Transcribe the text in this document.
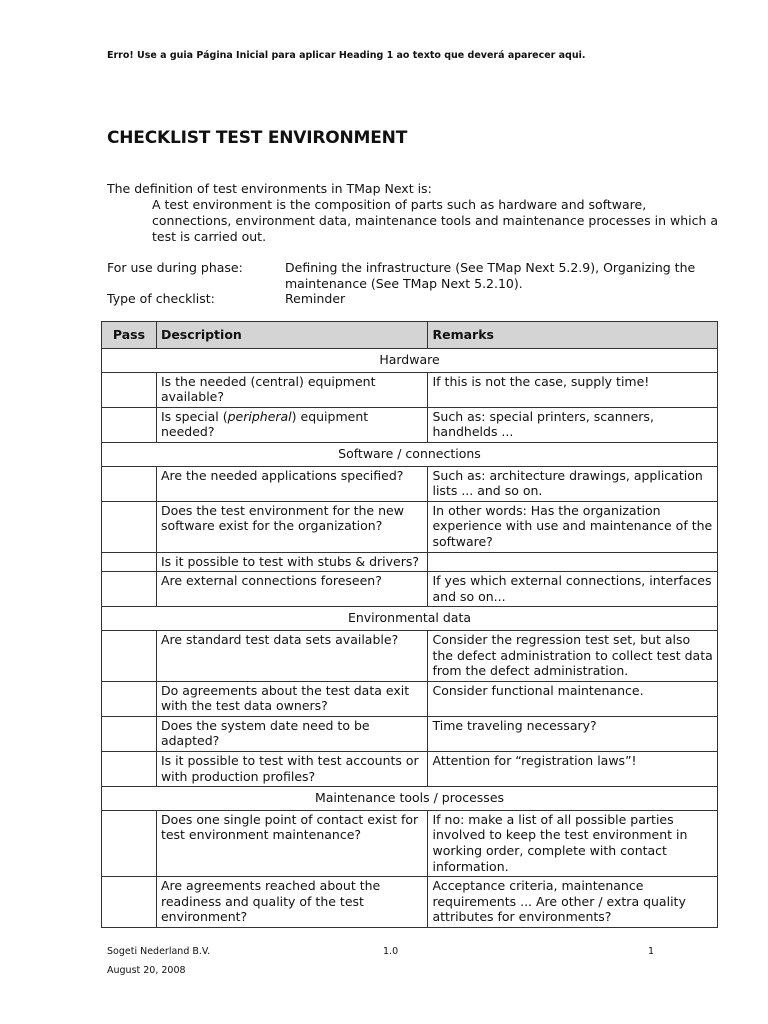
Erro! Use a guia Página Inicial para aplicar Heading 1 ao texto que deverá aparecer aqui.
CHECKLIST TEST ENVIRONMENT
The definition of test environments in TMap Next is:
A test environment is the composition of parts such as hardware and software, connections, environment data, maintenance tools and maintenance processes in which a test is carried out.
For use during phase:	Defining the infrastructure (See TMap Next 5.2.9), Organizing the maintenance (See TMap Next 5.2.10).
Type of checklist:	Reminder
Pass	Description	Remarks
Hardware		
	Is the needed (central) equipment available?	If this is not the case, supply time!
	Is special (peripheral) equipment needed?	Such as: special printers, scanners, handhelds ...
Software / connections		
	Are the needed applications specified?	Such as: architecture drawings, application lists ... and so on.
	Does the test environment for the new software exist for the organization?	In other words: Has the organization experience with use and maintenance of the software?
	Is it possible to test with stubs & drivers?	
	Are external connections foreseen?	If yes which external connections, interfaces and so on...
Environmental data		
	Are standard test data sets available?	Consider the regression test set, but also the defect administration to collect test data from the defect administration.
	Do agreements about the test data exit with the test data owners?	Consider functional maintenance.
	Does the system date need to be adapted?	Time traveling necessary?
	Is it possible to test with test accounts or with production profiles?	Attention for “registration laws”!
Maintenance tools / processes		
	Does one single point of contact exist for test environment maintenance?	If no: make a list of all possible parties involved to keep the test environment in working order, complete with contact information.
	Are agreements reached about the readiness and quality of the test environment?	Acceptance criteria, maintenance requirements ... Are other / extra quality attributes for environments?
Sogeti Nederland B.V.	1.0	1
August 20, 2008
